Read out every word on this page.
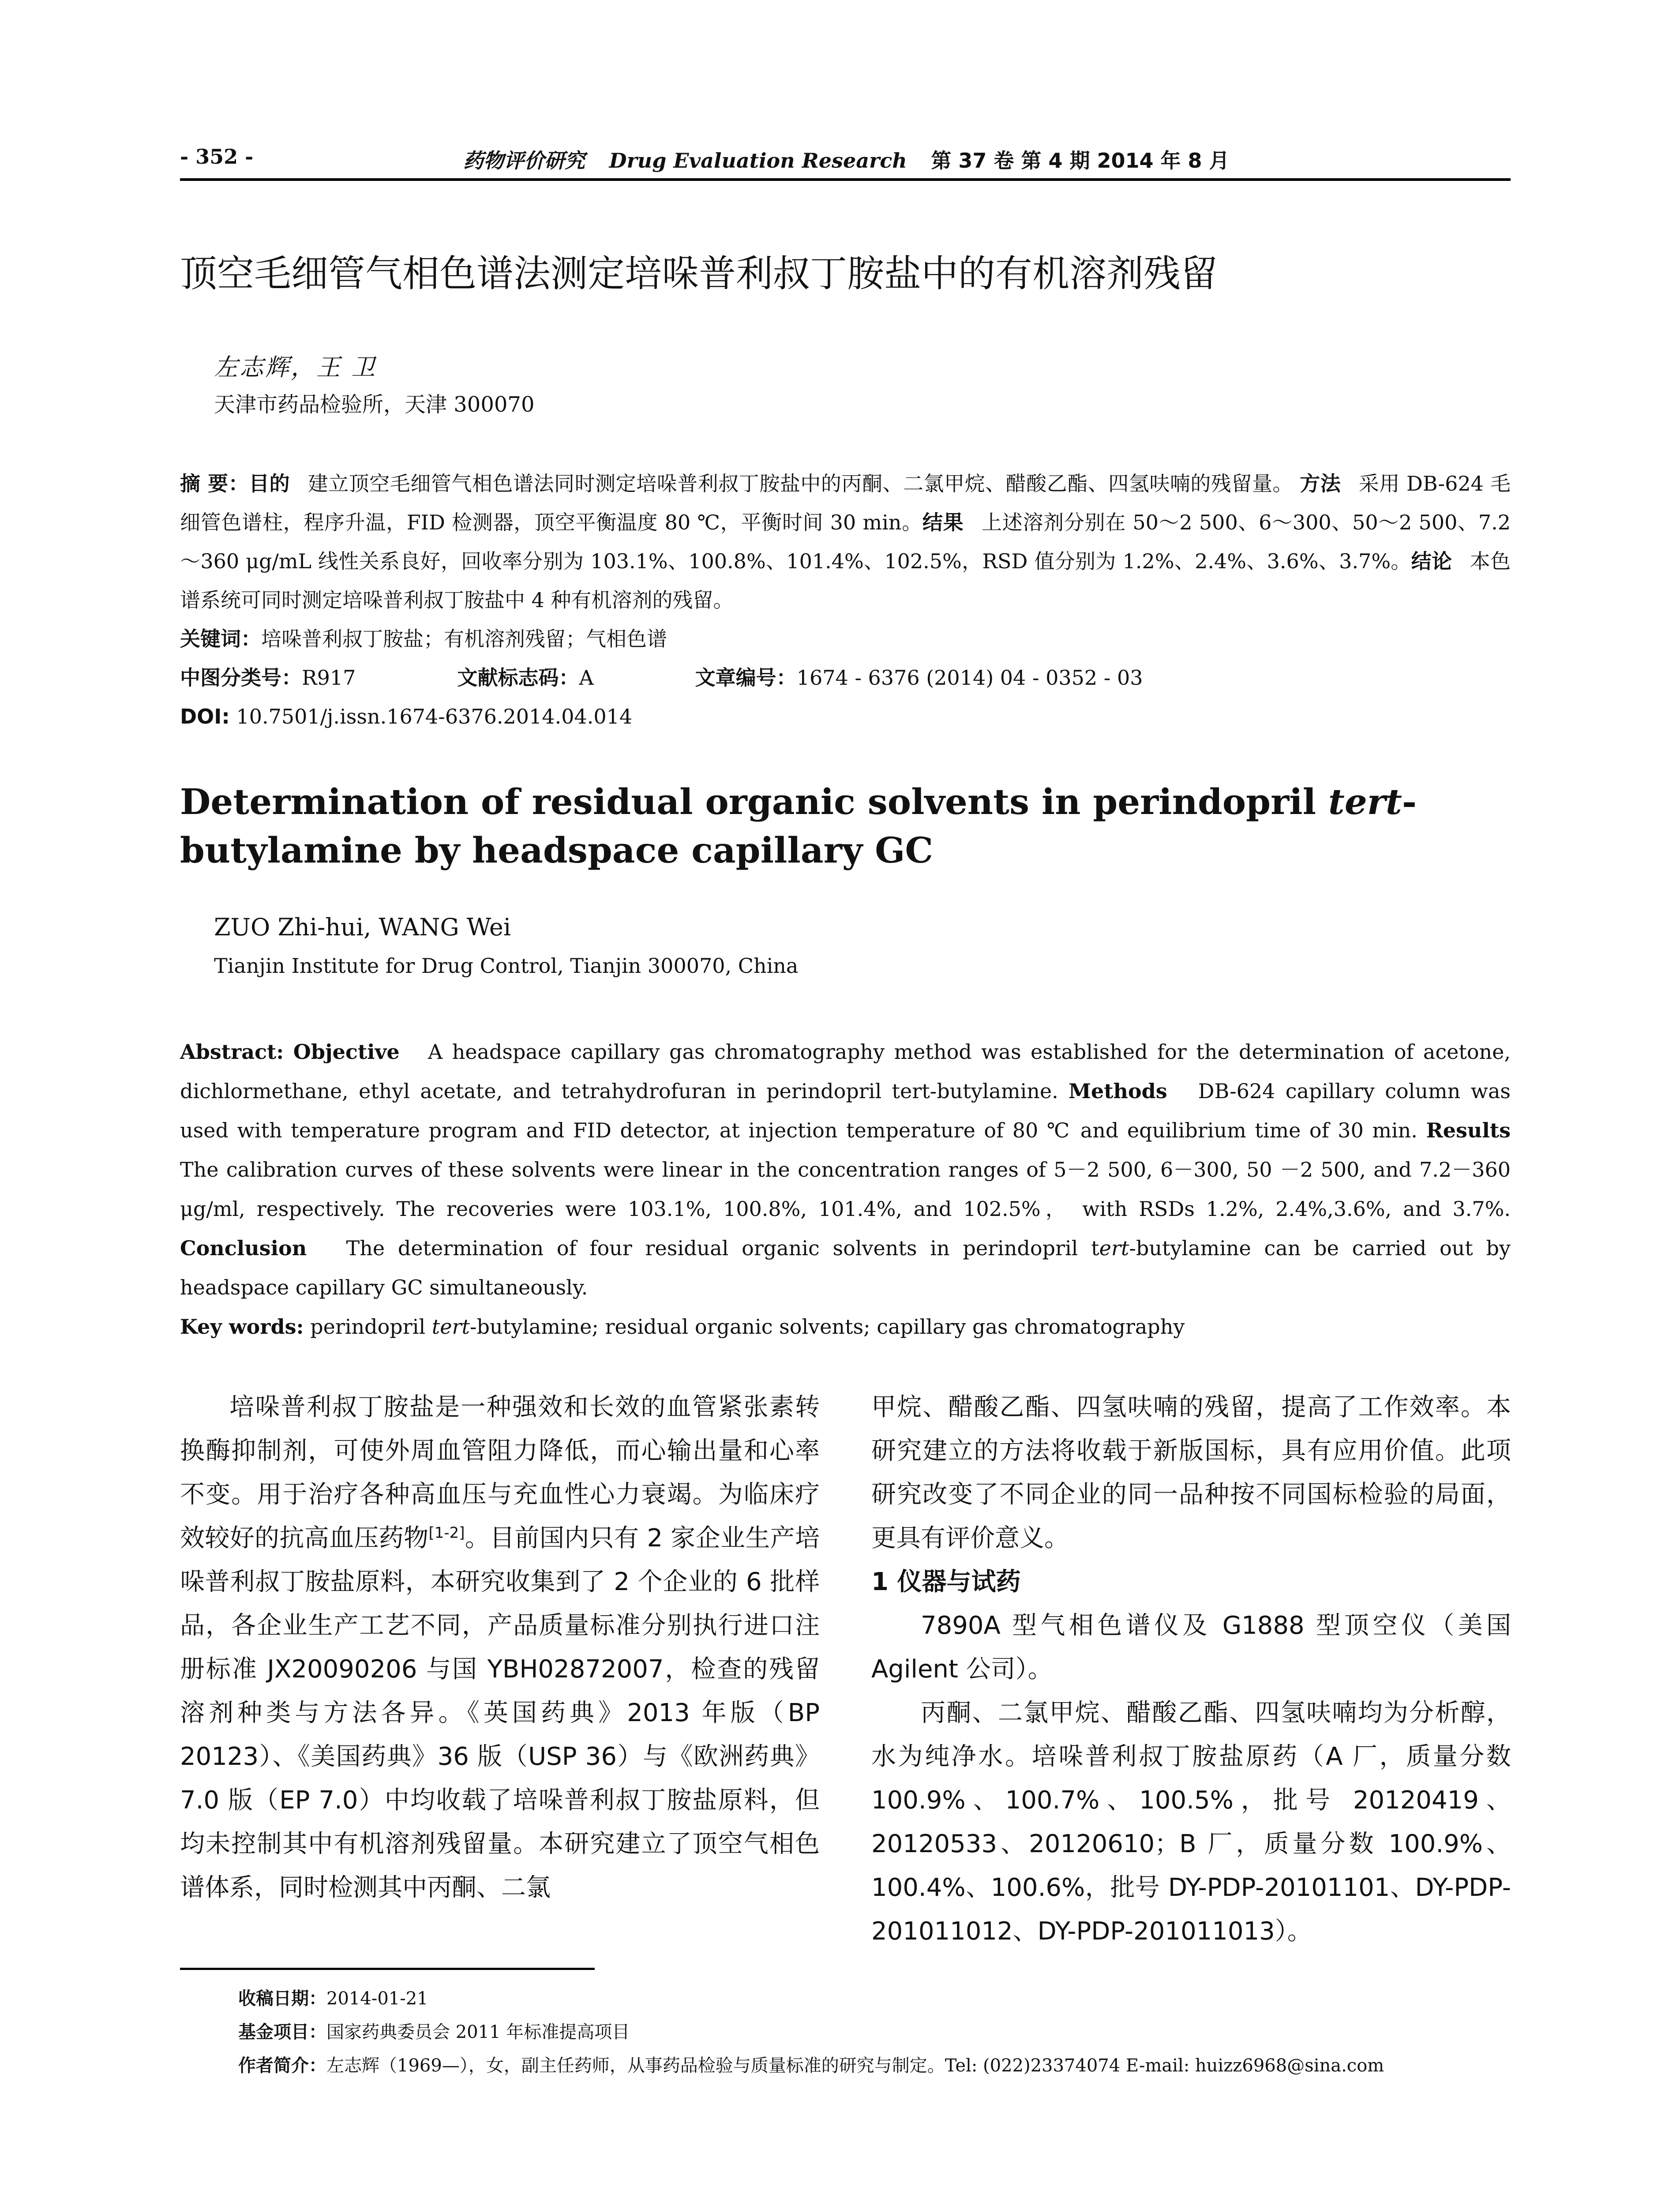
- 352 -	药物评价研究 Drug Evaluation Research 第 37 卷 第 4 期 2014 年 8 月
顶空毛细管气相色谱法测定培哚普利叔丁胺盐中的有机溶剂残留
左志辉，王 卫
天津市药品检验所，天津 300070
摘 要：目的 建立顶空毛细管气相色谱法同时测定培哚普利叔丁胺盐中的丙酮、二氯甲烷、醋酸乙酯、四氢呋喃的残留量。 方法 采用 DB-624 毛细管色谱柱，程序升温，FID 检测器，顶空平衡温度 80 ℃，平衡时间 30 min。结果 上述溶剂分别在 50～2 500、6～300、50～2 500、7.2～360 μg/mL 线性关系良好，回收率分别为 103.1%、100.8%、101.4%、102.5%，RSD 值分别为 1.2%、2.4%、3.6%、3.7%。结论 本色谱系统可同时测定培哚普利叔丁胺盐中 4 种有机溶剂的残留。
关键词：培哚普利叔丁胺盐；有机溶剂残留；气相色谱
中图分类号：R917	文献标志码：A	文章编号：1674 - 6376 (2014) 04 - 0352 - 03
DOI: 10.7501/j.issn.1674-6376.2014.04.014
Determination of residual organic solvents in perindopril tert-butylamine by headspace capillary GC
ZUO Zhi-hui, WANG Wei
Tianjin Institute for Drug Control, Tianjin 300070, China
Abstract: Objective A headspace capillary gas chromatography method was established for the determination of acetone, dichlormethane, ethyl acetate, and tetrahydrofuran in perindopril tert-butylamine. Methods DB-624 capillary column was used with temperature program and FID detector, at injection temperature of 80 ℃ and equilibrium time of 30 min. Results The calibration curves of these solvents were linear in the concentration ranges of 5－2 500, 6－300, 50 －2 500, and 7.2－360 μg/ml, respectively. The recoveries were 103.1%, 100.8%, 101.4%, and 102.5%， with RSDs 1.2%, 2.4%,3.6%, and 3.7%. Conclusion The determination of four residual organic solvents in perindopril tert-butylamine can be carried out by headspace capillary GC simultaneously.
Key words: perindopril tert-butylamine; residual organic solvents; capillary gas chromatography

培哚普利叔丁胺盐是一种强效和长效的血管紧张素转换酶抑制剂，可使外周血管阻力降低，而心输出量和心率不变。用于治疗各种高血压与充血性心力衰竭。为临床疗效较好的抗高血压药物[1-2]。目前国内只有 2 家企业生产培哚普利叔丁胺盐原料，本研究收集到了 2 个企业的 6 批样品，各企业生产工艺不同，产品质量标准分别执行进口注册标准 JX20090206 与国 YBH02872007，检查的残留溶剂种类与方法各异。《英国药典》2013 年版（BP 20123）、《美国药典》36 版（USP 36）与《欧洲药典》7.0 版（EP 7.0）中均收载了培哚普利叔丁胺盐原料，但均未控制其中有机溶剂残留量。本研究建立了顶空气相色谱体系，同时检测其中丙酮、二氯

甲烷、醋酸乙酯、四氢呋喃的残留，提高了工作效率。本研究建立的方法将收载于新版国标，具有应用价值。此项研究改变了不同企业的同一品种按不同国标检验的局面，更具有评价意义。

1 仪器与试药

7890A 型气相色谱仪及 G1888 型顶空仪（美国 Agilent 公司）。

丙酮、二氯甲烷、醋酸乙酯、四氢呋喃均为分析醇，水为纯净水。培哚普利叔丁胺盐原药（A 厂，质量分数 100.9%、100.7%、100.5%，批号 20120419、20120533、20120610；B 厂，质量分数 100.9%、100.4%、100.6%，批号 DY-PDP-20101101、DY-PDP-201011012、DY-PDP-201011013）。

收稿日期：2014-01-21
基金项目：国家药典委员会 2011 年标准提高项目
作者简介：左志辉（1969—），女，副主任药师，从事药品检验与质量标准的研究与制定。Tel: (022)23374074 E-mail: huizz6968@sina.com
